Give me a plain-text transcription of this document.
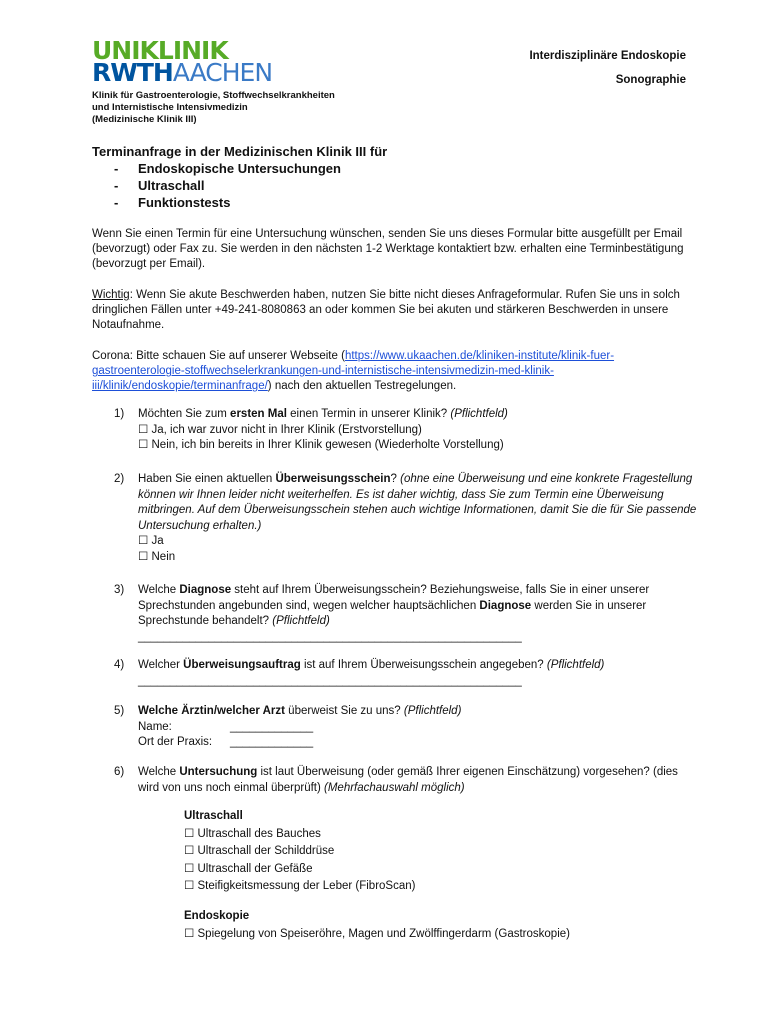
UNIKLINIK
RWTHAACHEN
Klinik für Gastroenterologie, Stoffwechselkrankheiten
und Internistische Intensivmedizin
(Medizinische Klinik III)
Interdisziplinäre Endoskopie
Sonographie
Terminanfrage in der Medizinischen Klinik III für
- Endoskopische Untersuchungen
- Ultraschall
- Funktionstests
Wenn Sie einen Termin für eine Untersuchung wünschen, senden Sie uns dieses Formular bitte ausgefüllt per Email (bevorzugt) oder Fax zu. Sie werden in den nächsten 1-2 Werktage kontaktiert bzw. erhalten eine Terminbestätigung (bevorzugt per Email).
Wichtig: Wenn Sie akute Beschwerden haben, nutzen Sie bitte nicht dieses Anfrageformular. Rufen Sie uns in solch dringlichen Fällen unter +49-241-8080863 an oder kommen Sie bei akuten und stärkeren Beschwerden in unsere Notaufnahme.
Corona: Bitte schauen Sie auf unserer Webseite (https://www.ukaachen.de/kliniken-institute/klinik-fuer-gastroenterologie-stoffwechselerkrankungen-und-internistische-intensivmedizin-med-klinik-iii/klinik/endoskopie/terminanfrage/) nach den aktuellen Testregelungen.
1) Möchten Sie zum ersten Mal einen Termin in unserer Klinik? (Pflichtfeld)
☐ Ja, ich war zuvor nicht in Ihrer Klinik (Erstvorstellung)
☐ Nein, ich bin bereits in Ihrer Klinik gewesen (Wiederholte Vorstellung)
2) Haben Sie einen aktuellen Überweisungsschein? (ohne eine Überweisung und eine konkrete Fragestellung können wir Ihnen leider nicht weiterhelfen. Es ist daher wichtig, dass Sie zum Termin eine Überweisung mitbringen. Auf dem Überweisungsschein stehen auch wichtige Informationen, damit Sie die für Sie passende Untersuchung erhalten.)
☐ Ja
☐ Nein
3) Welche Diagnose steht auf Ihrem Überweisungsschein? Beziehungsweise, falls Sie in einer unserer Sprechstunden angebunden sind, wegen welcher hauptsächlichen Diagnose werden Sie in unserer Sprechstunde behandelt? (Pflichtfeld)
____________________________________________________________
4) Welcher Überweisungsauftrag ist auf Ihrem Überweisungsschein angegeben? (Pflichtfeld)
____________________________________________________________
5) Welche Ärztin/welcher Arzt überweist Sie zu uns? (Pflichtfeld)
Name:	_____________
Ort der Praxis:	_____________
6) Welche Untersuchung ist laut Überweisung (oder gemäß Ihrer eigenen Einschätzung) vorgesehen? (dies wird von uns noch einmal überprüft) (Mehrfachauswahl möglich)
Ultraschall
☐ Ultraschall des Bauches
☐ Ultraschall der Schilddrüse
☐ Ultraschall der Gefäße
☐ Steifigkeitsmessung der Leber (FibroScan)
Endoskopie
☐ Spiegelung von Speiseröhre, Magen und Zwölffingerdarm (Gastroskopie)
